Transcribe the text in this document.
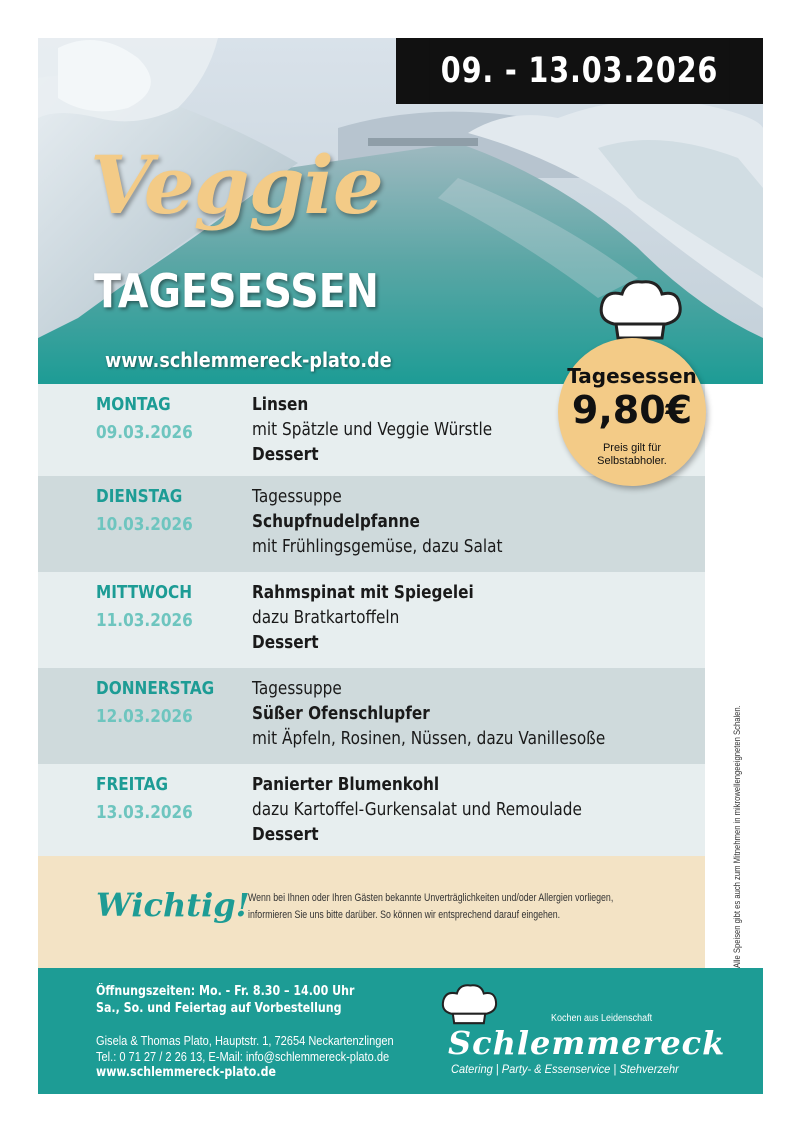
09. - 13.03.2026
Veggie
TAGESESSEN
www.schlemmereck-plato.de
MONTAG
09.03.2026
Linsen
mit Spätzle und Veggie Würstle
Dessert
DIENSTAG
10.03.2026
Tagessuppe
Schupfnudelpfanne
mit Frühlingsgemüse, dazu Salat
MITTWOCH
11.03.2026
Rahmspinat mit Spiegelei
dazu Bratkartoffeln
Dessert
DONNERSTAG
12.03.2026
Tagessuppe
Süßer Ofenschlupfer
mit Äpfeln, Rosinen, Nüssen, dazu Vanillesoße
FREITAG
13.03.2026
Panierter Blumenkohl
dazu Kartoffel-Gurkensalat und Remoulade
Dessert	Alle Speisen gibt es auch zum Mitnehmen in mikrowellengeeigneten Schalen.
Wichtig!
Wenn bei Ihnen oder Ihren Gästen bekannte Unverträglichkeiten und/oder Allergien vorliegen,
informieren Sie uns bitte darüber. So können wir entsprechend darauf eingehen.
Tagesessen
9,80€
Preis gilt für
Selbstabholer.
Öffnungszeiten: Mo. - Fr. 8.30 – 14.00 Uhr
Sa., So. und Feiertag auf Vorbestellung
Gisela & Thomas Plato, Hauptstr. 1, 72654 Neckartenzlingen
Tel.: 0 71 27 / 2 26 13, E-Mail: info@schlemmereck-plato.de
www.schlemmereck-plato.de
Kochen aus Leidenschaft
Schlemmereck
Catering | Party- & Essenservice | Stehverzehr
